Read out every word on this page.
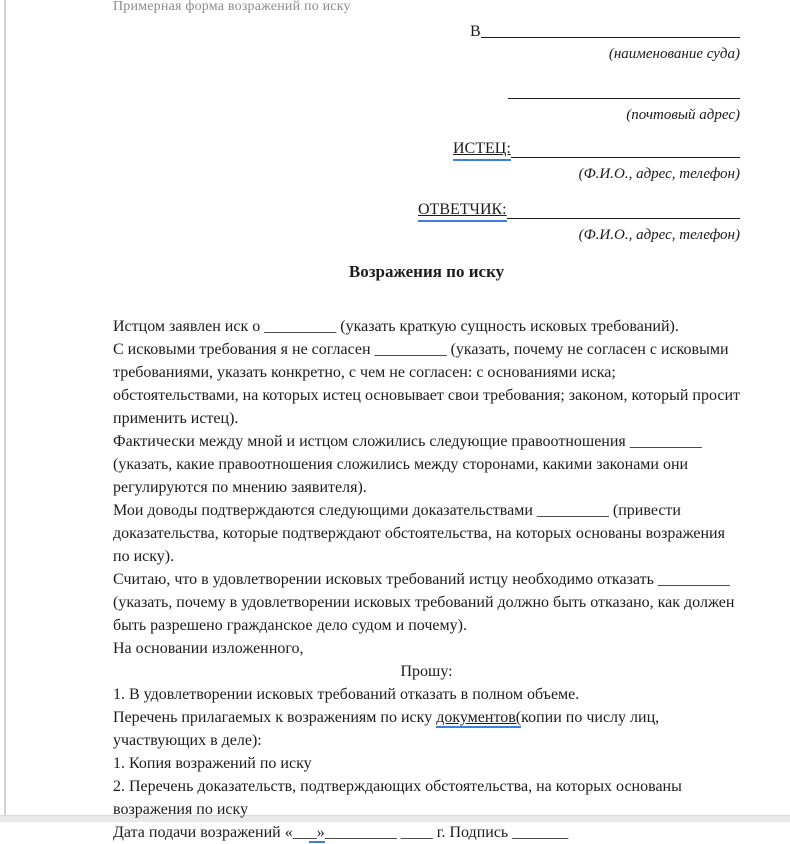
Примерная форма возражений по иску
В
(наименование суда)
(почтовый адрес)
ИСТЕЦ:
(Ф.И.О., адрес, телефон)
ОТВЕТЧИК:
(Ф.И.О., адрес, телефон)
Возражения по иску

Истцом заявлен иск о _________ (указать краткую сущность исковых требований).

С исковыми требования я не согласен _________ (указать, почему не согласен с исковыми требованиями, указать конкретно, с чем не согласен: с основаниями иска; обстоятельствами, на которых истец основывает свои требования; законом, который просит применить истец).

Фактически между мной и истцом сложились следующие правоотношения _________ (указать, какие правоотношения сложились между сторонами, какими законами они регулируются по мнению заявителя).

Мои доводы подтверждаются следующими доказательствами _________ (привести доказательства, которые подтверждают обстоятельства, на которых основаны возражения по иску).

Считаю, что в удовлетворении исковых требований истцу необходимо отказать _________ (указать, почему в удовлетворении исковых требований должно быть отказано, как должен быть разрешено гражданское дело судом и почему).

На основании изложенного,

Прошу:

1. В удовлетворении исковых требований отказать в полном объеме.

Перечень прилагаемых к возражениям по иску документов(копии по числу лиц, участвующих в деле):

1. Копия возражений по иску

2. Перечень доказательств, подтверждающих обстоятельства, на которых основаны возражения по иску

Дата подачи возражений «___»_________ ____ г. Подпись _______
